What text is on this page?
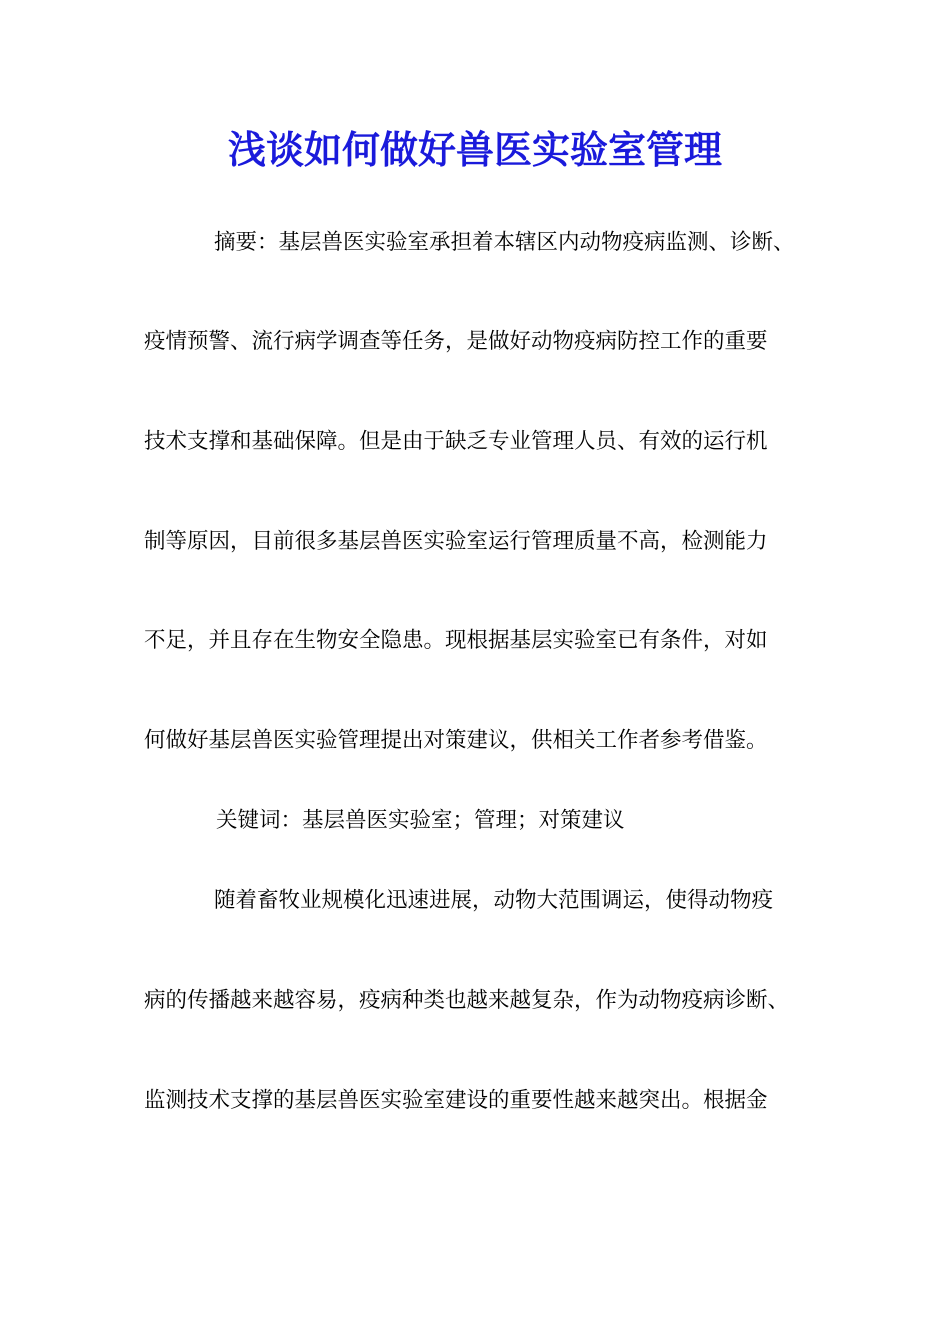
浅谈如何做好兽医实验室管理
摘要：基层兽医实验室承担着本辖区内动物疫病监测、诊断、
疫情预警、流行病学调查等任务，是做好动物疫病防控工作的重要
技术支撑和基础保障。但是由于缺乏专业管理人员、有效的运行机
制等原因，目前很多基层兽医实验室运行管理质量不高，检测能力
不足，并且存在生物安全隐患。现根据基层实验室已有条件，对如
何做好基层兽医实验管理提出对策建议，供相关工作者参考借鉴。
关键词：基层兽医实验室；管理；对策建议
随着畜牧业规模化迅速进展，动物大范围调运，使得动物疫
病的传播越来越容易，疫病种类也越来越复杂，作为动物疫病诊断、
监测技术支撑的基层兽医实验室建设的重要性越来越突出。根据金
